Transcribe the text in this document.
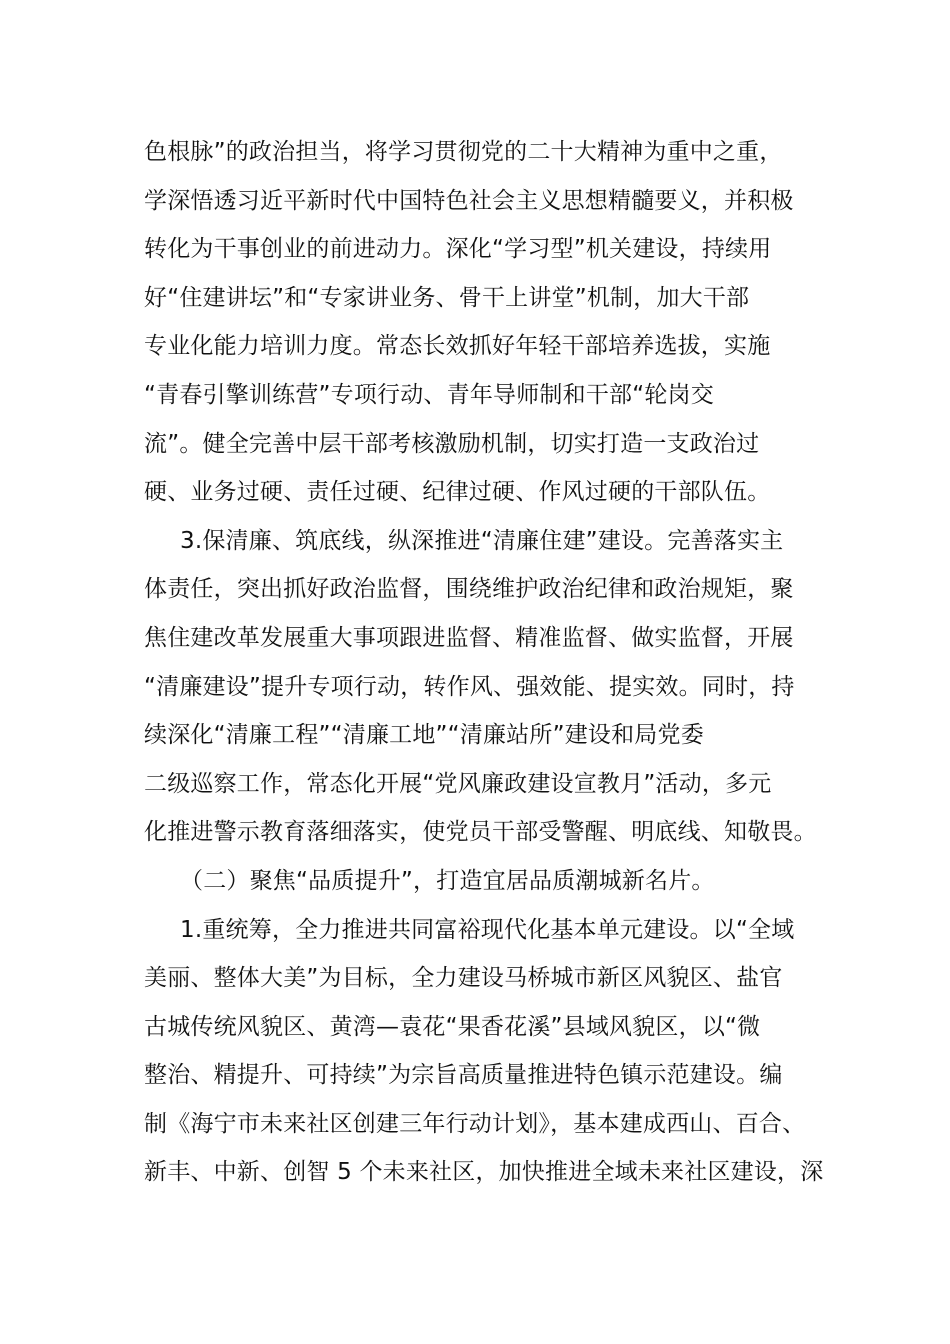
色根脉”的政治担当，将学习贯彻党的二十大精神为重中之重，
学深悟透习近平新时代中国特色社会主义思想精髓要义，并积极
转化为干事创业的前进动力。深化“学习型”机关建设，持续用
好“住建讲坛”和“专家讲业务、骨干上讲堂”机制，加大干部
专业化能力培训力度。常态长效抓好年轻干部培养选拔，实施
“青春引擎训练营”专项行动、青年导师制和干部“轮岗交
流”。健全完善中层干部考核激励机制，切实打造一支政治过
硬、业务过硬、责任过硬、纪律过硬、作风过硬的干部队伍。
3.保清廉、筑底线，纵深推进“清廉住建”建设。完善落实主
体责任，突出抓好政治监督，围绕维护政治纪律和政治规矩，聚
焦住建改革发展重大事项跟进监督、精准监督、做实监督，开展
“清廉建设”提升专项行动，转作风、强效能、提实效。同时，持
续深化“清廉工程”“清廉工地”“清廉站所”建设和局党委
二级巡察工作，常态化开展“党风廉政建设宣教月”活动，多元
化推进警示教育落细落实，使党员干部受警醒、明底线、知敬畏。
（二）聚焦“品质提升”，打造宜居品质潮城新名片。
1.重统筹，全力推进共同富裕现代化基本单元建设。以“全域
美丽、整体大美”为目标，全力建设马桥城市新区风貌区、盐官
古城传统风貌区、黄湾—袁花“果香花溪”县域风貌区，以“微
整治、精提升、可持续”为宗旨高质量推进特色镇示范建设。编
制《海宁市未来社区创建三年行动计划》，基本建成西山、百合、
新丰、中新、创智 5 个未来社区，加快推进全域未来社区建设，深
